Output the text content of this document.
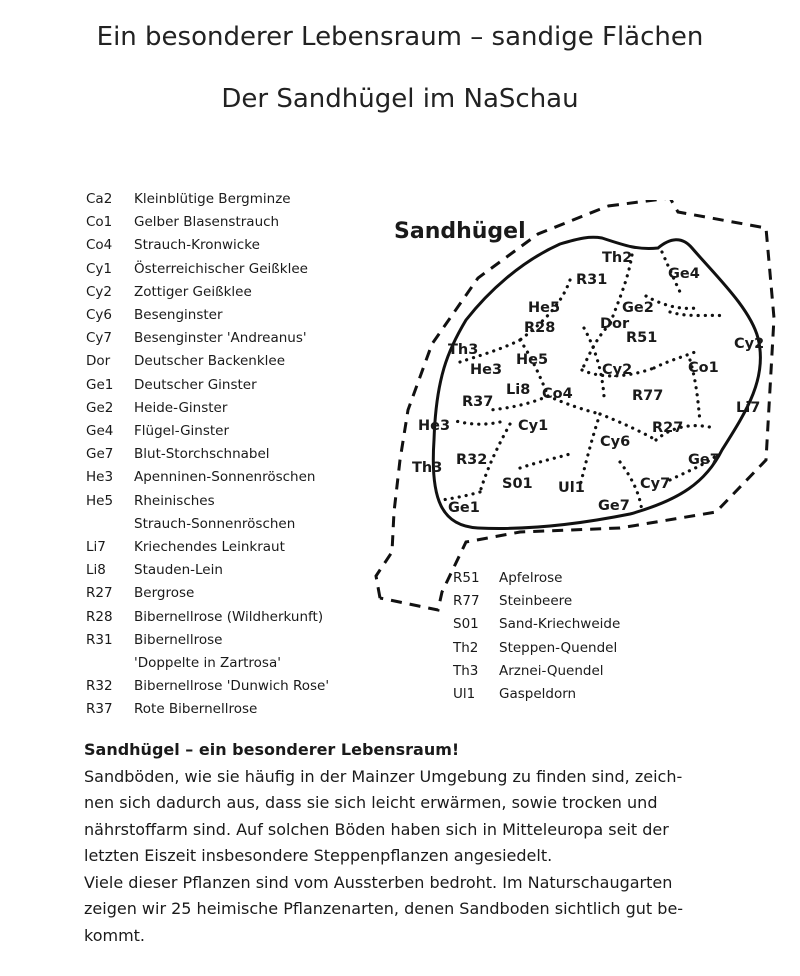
Ein besonderer Lebensraum – sandige Flächen
Der Sandhügel im NaSchau
Ca2	Kleinblütige Bergminze
Co1	Gelber Blasenstrauch
Co4	Strauch-Kronwicke
Cy1	Österreichischer Geißklee
Cy2	Zottiger Geißklee
Cy6	Besenginster
Cy7	Besenginster 'Andreanus'
Dor	Deutscher Backenklee
Ge1	Deutscher Ginster
Ge2	Heide-Ginster
Ge4	Flügel-Ginster
Ge7	Blut-Storchschnabel
He3	Apenninen-Sonnenröschen
He5	Rheinisches
Strauch-Sonnenröschen
Li7	Kriechendes Leinkraut
Li8	Stauden-Lein
R27	Bergrose
R28	Bibernellrose (Wildherkunft)
R31	Bibernellrose
'Doppelte in Zartrosa'
R32	Bibernellrose 'Dunwich Rose'
R37	Rote Bibernellrose
R51	Apfelrose
R77	Steinbeere
S01	Sand-Kriechweide
Th2	Steppen-Quendel
Th3	Arznei-Quendel
Ul1	Gaspeldorn
Sandhügel
Th2
R31	Ge4
He5	Ge2
R28	Dor
R51	Cy2
Th3
He5	Co1
He3	Cy2
Li8 Co4	R77
R37	Li7
He3	Cy1	R27
Cy6
Th3 R32	Ge7
S01 Ul1	Cy7
Ge1	Ge7
Sandhügel – ein besonderer Lebensraum!
Sandböden, wie sie häufig in der Mainzer Umgebung zu finden sind, zeich-
nen sich dadurch aus, dass sie sich leicht erwärmen, sowie trocken und
nährstoffarm sind. Auf solchen Böden haben sich in Mitteleuropa seit der
letzten Eiszeit insbesondere Steppenpflanzen angesiedelt.
Viele dieser Pflanzen sind vom Aussterben bedroht. Im Naturschaugarten
zeigen wir 25 heimische Pflanzenarten, denen Sandboden sichtlich gut be-
kommt.
